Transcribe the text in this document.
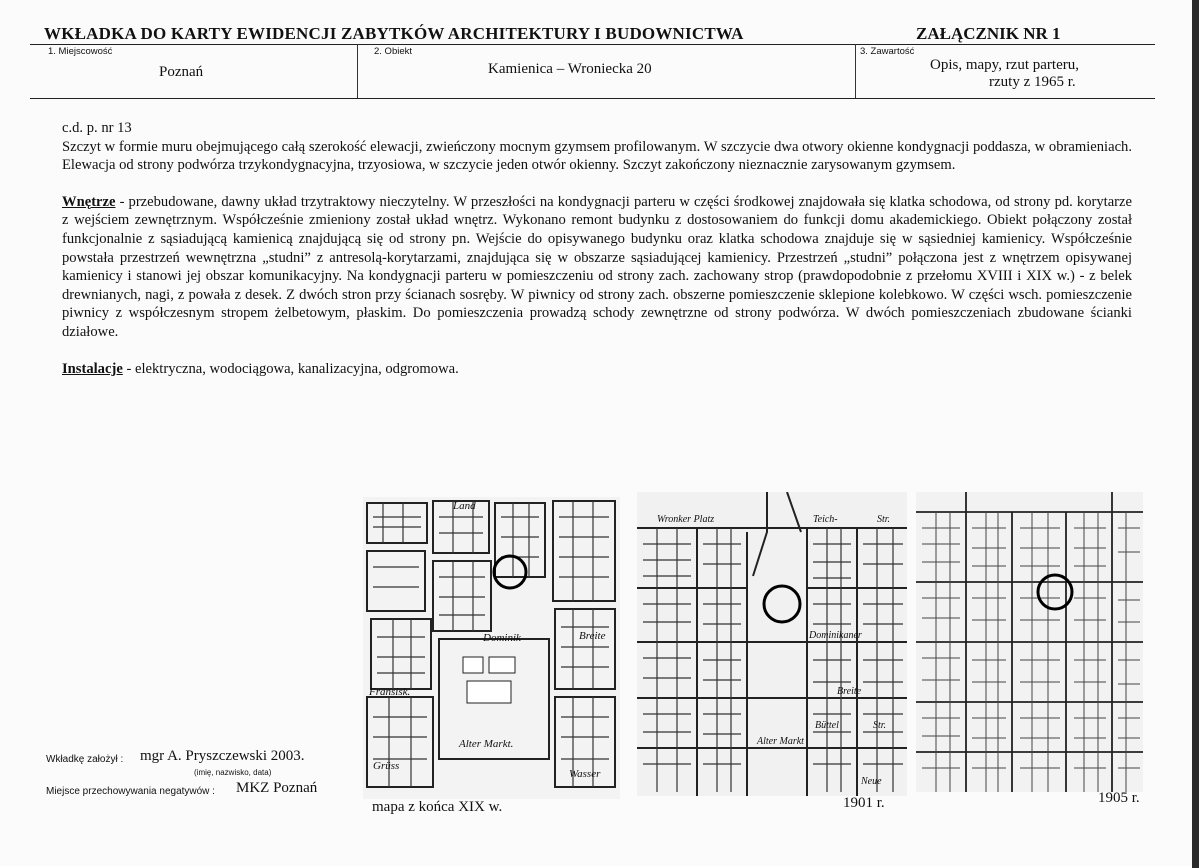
WKŁADKA DO KARTY EWIDENCJI ZABYTKÓW ARCHITEKTURY I BUDOWNICTWA	ZAŁĄCZNIK NR 1
1. Miejscowość
Poznań
2. Obiekt
Kamienica – Wroniecka 20
3. Zawartość
Opis, mapy, rzut parteru,
rzuty z 1965 r.

c.d. p. nr 13

Szczyt w formie muru obejmującego całą szerokość elewacji, zwieńczony mocnym gzymsem profilowanym. W szczycie dwa otwory okienne kondygnacji poddasza, w obramieniach. Elewacja od strony podwórza trzykondygnacyjna, trzyosiowa, w szczycie jeden otwór okienny. Szczyt zakończony nieznacznie zarysowanym gzymsem.

Wnętrze - przebudowane, dawny układ trzytraktowy nieczytelny. W przeszłości na kondygnacji parteru w części środkowej znajdowała się klatka schodowa, od strony pd. korytarze z wejściem zewnętrznym. Współcześnie zmieniony został układ wnętrz. Wykonano remont budynku z dostosowaniem do funkcji domu akademickiego. Obiekt połączony został funkcjonalnie z sąsiadującą kamienicą znajdującą się od strony pn. Wejście do opisywanego budynku oraz klatka schodowa znajduje się w sąsiedniej kamienicy. Współcześnie powstała przestrzeń wewnętrzna „studni” z antresolą-korytarzami, znajdująca się w obszarze sąsiadującej kamienicy. Przestrzeń „studni” połączona jest z wnętrzem opisywanej kamienicy i stanowi jej obszar komunikacyjny. Na kondygnacji parteru w pomieszczeniu od strony zach. zachowany strop (prawdopodobnie z przełomu XVIII i XIX w.) - z belek drewnianych, nagi, z powała z desek. Z dwóch stron przy ścianach sosręby. W piwnicy od strony zach. obszerne pomieszczenie sklepione kolebkowo. W części wsch. pomieszczenie piwnicy z współczesnym stropem żelbetowym, płaskim. Do pomieszczenia prowadzą schody zewnętrzne od strony podwórza. W dwóch pomieszczeniach zbudowane ścianki działowe.

Instalacje - elektryczna, wodociągowa, kanalizacyjna, odgromowa.

Land
Dominik
Alter Markt.
Breite
Fransisk.
Grüss
Wasser
Wronker Platz	Teich-	Str.
Dominikaner
Alter Markt
Breite
Büttel	Str.
Neue
mapa z końca XIX w.	1901 r.	1905 r.
Wkładkę założył : mgr A. Pryszczewski 2003.
(imię, nazwisko, data)
Miejsce przechowywania negatywów : MKZ Poznań
